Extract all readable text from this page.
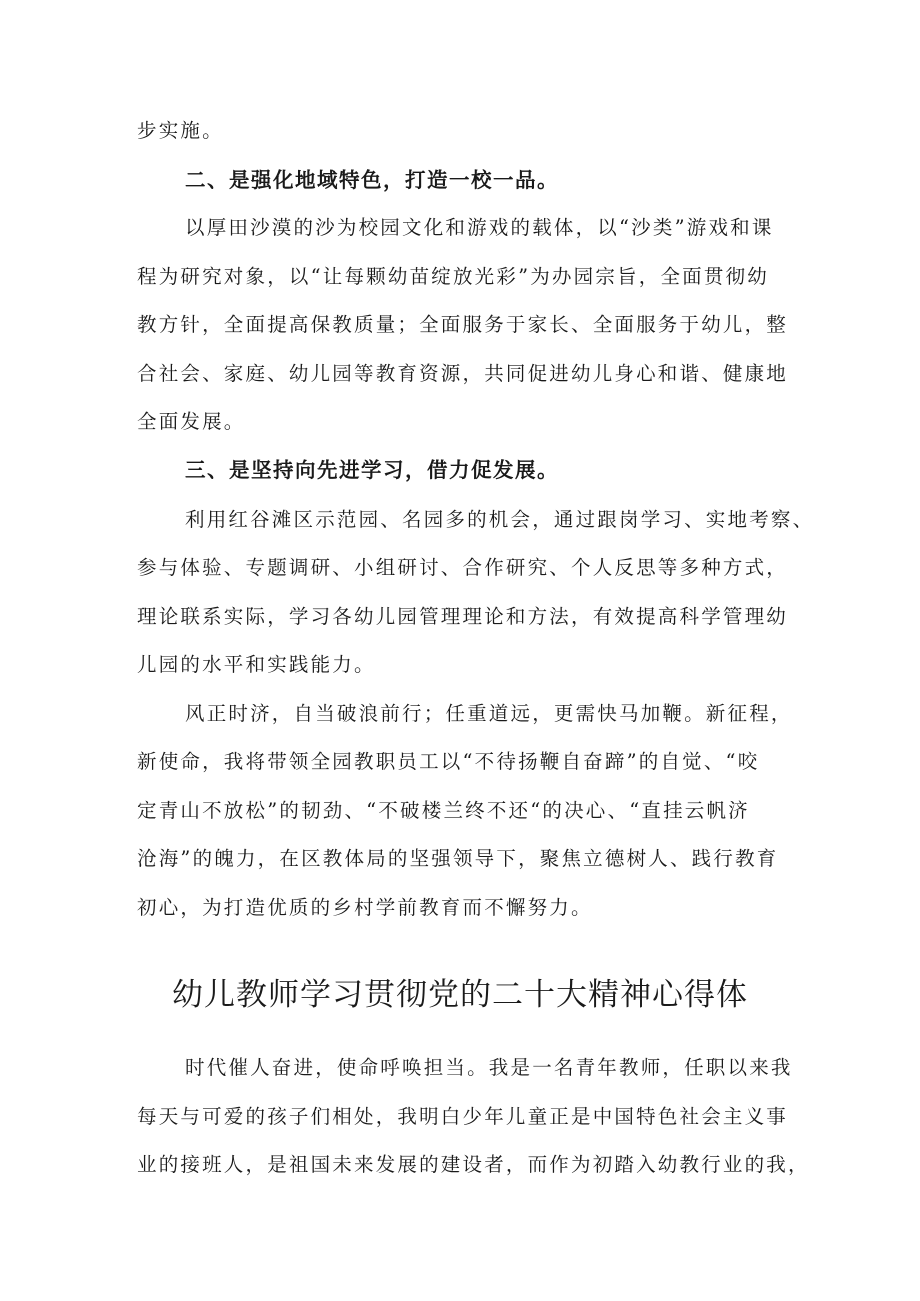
步实施。
二、是强化地域特色，打造一校一品。
以厚田沙漠的沙为校园文化和游戏的载体，以“沙类”游戏和课
程为研究对象，以“让每颗幼苗绽放光彩”为办园宗旨，全面贯彻幼
教方针，全面提高保教质量；全面服务于家长、全面服务于幼儿，整
合社会、家庭、幼儿园等教育资源，共同促进幼儿身心和谐、健康地
全面发展。
三、是坚持向先进学习，借力促发展。
利用红谷滩区示范园、名园多的机会，通过跟岗学习、实地考察、
参与体验、专题调研、小组研讨、合作研究、个人反思等多种方式，
理论联系实际，学习各幼儿园管理理论和方法，有效提高科学管理幼
儿园的水平和实践能力。
风正时济，自当破浪前行；任重道远，更需快马加鞭。新征程，
新使命，我将带领全园教职员工以“不待扬鞭自奋蹄”的自觉、“咬
定青山不放松”的韧劲、“不破楼兰终不还“的决心、“直挂云帆济
沧海”的魄力，在区教体局的坚强领导下，聚焦立德树人、践行教育
初心，为打造优质的乡村学前教育而不懈努力。
幼儿教师学习贯彻党的二十大精神心得体
时代催人奋进，使命呼唤担当。我是一名青年教师，任职以来我
每天与可爱的孩子们相处，我明白少年儿童正是中国特色社会主义事
业的接班人，是祖国未来发展的建设者，而作为初踏入幼教行业的我，
